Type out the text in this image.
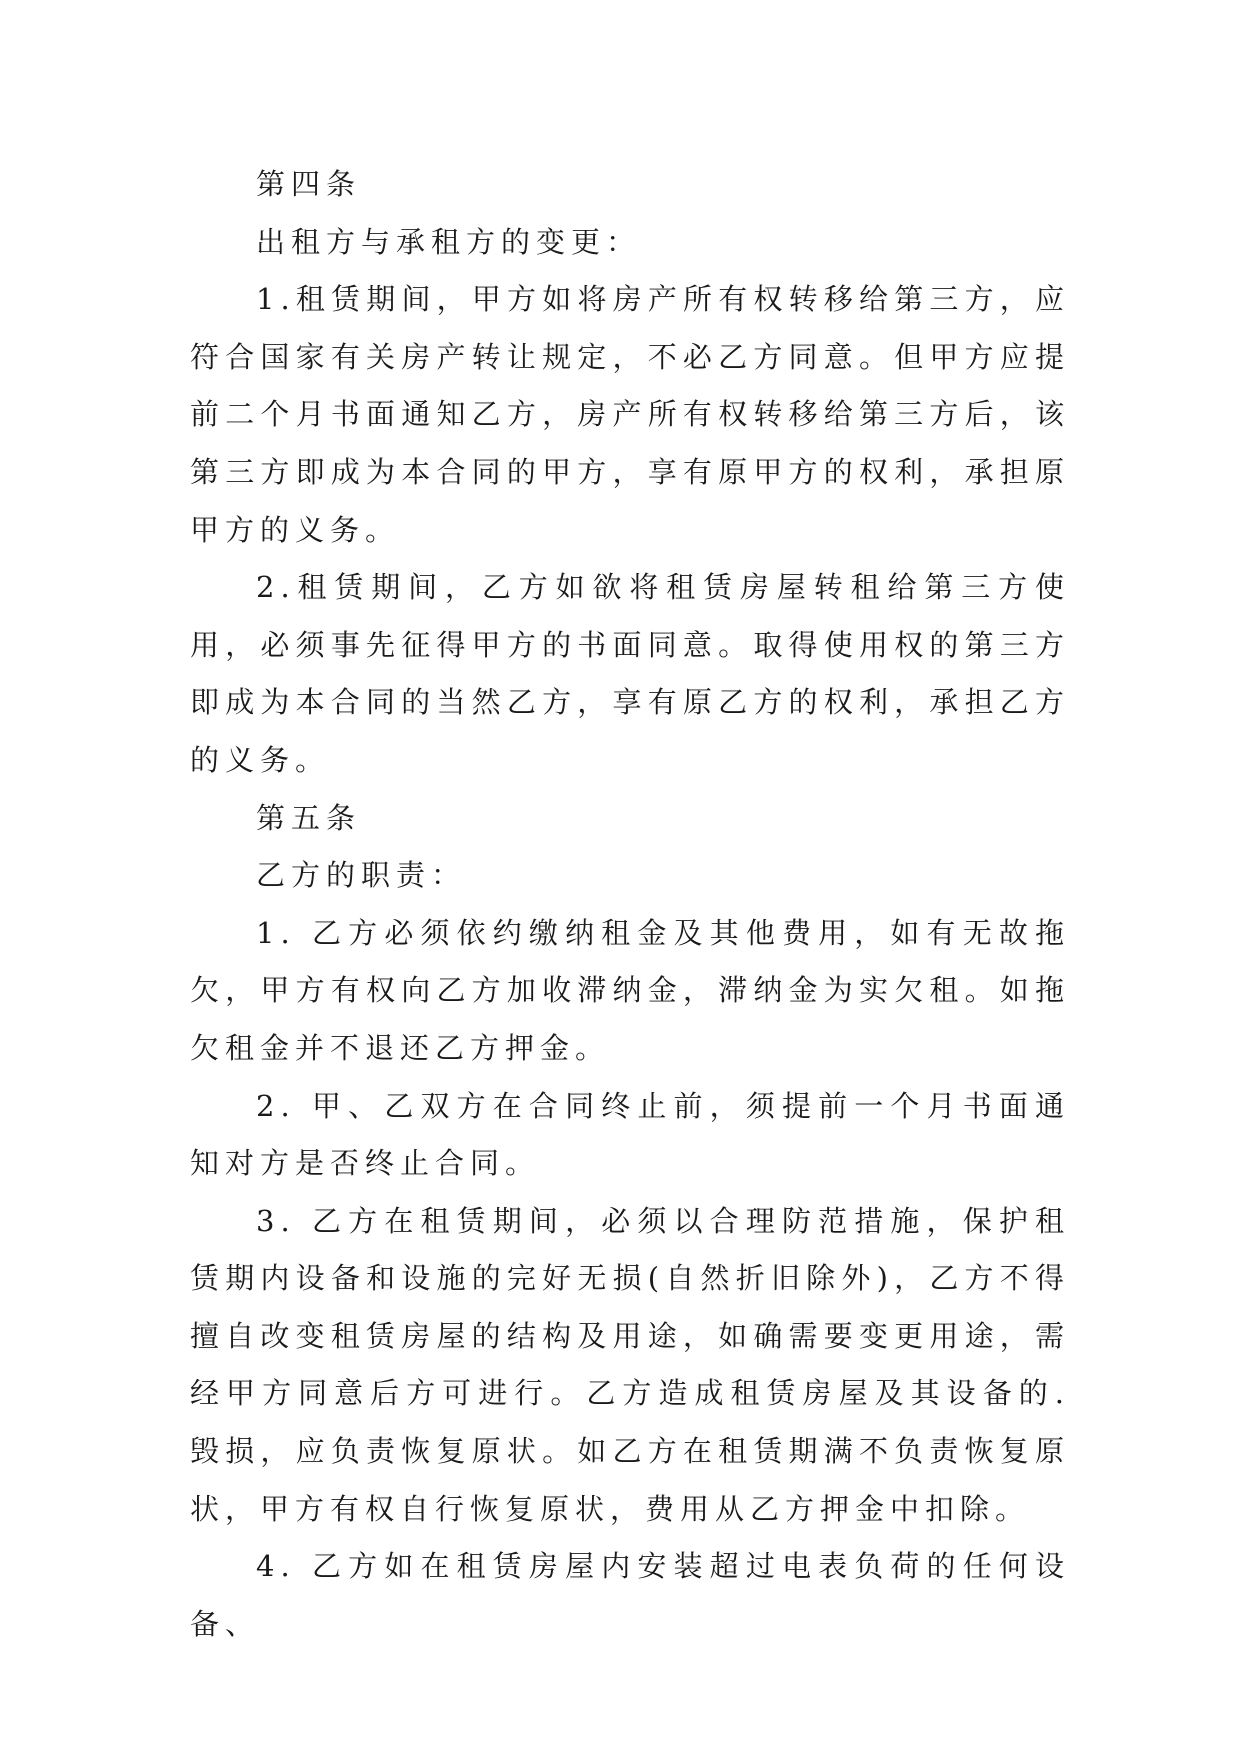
第四条

出租方与承租方的变更：

1.租赁期间，甲方如将房产所有权转移给第三方，应符合国家有关房产转让规定，不必乙方同意。但甲方应提前二个月书面通知乙方，房产所有权转移给第三方后，该第三方即成为本合同的甲方，享有原甲方的权利，承担原甲方的义务。

2.租赁期间，乙方如欲将租赁房屋转租给第三方使用，必须事先征得甲方的书面同意。取得使用权的第三方即成为本合同的当然乙方，享有原乙方的权利，承担乙方的义务。

第五条

乙方的职责：

1. 乙方必须依约缴纳租金及其他费用，如有无故拖欠，甲方有权向乙方加收滞纳金，滞纳金为实欠租。如拖欠租金并不退还乙方押金。

2. 甲、乙双方在合同终止前，须提前一个月书面通知对方是否终止合同。

3. 乙方在租赁期间，必须以合理防范措施，保护租赁期内设备和设施的完好无损(自然折旧除外)，乙方不得擅自改变租赁房屋的结构及用途，如确需要变更用途，需经甲方同意后方可进行。乙方造成租赁房屋及其设备的.毁损，应负责恢复原状。如乙方在租赁期满不负责恢复原状，甲方有权自行恢复原状，费用从乙方押金中扣除。

4. 乙方如在租赁房屋内安装超过电表负荷的任何设备、
